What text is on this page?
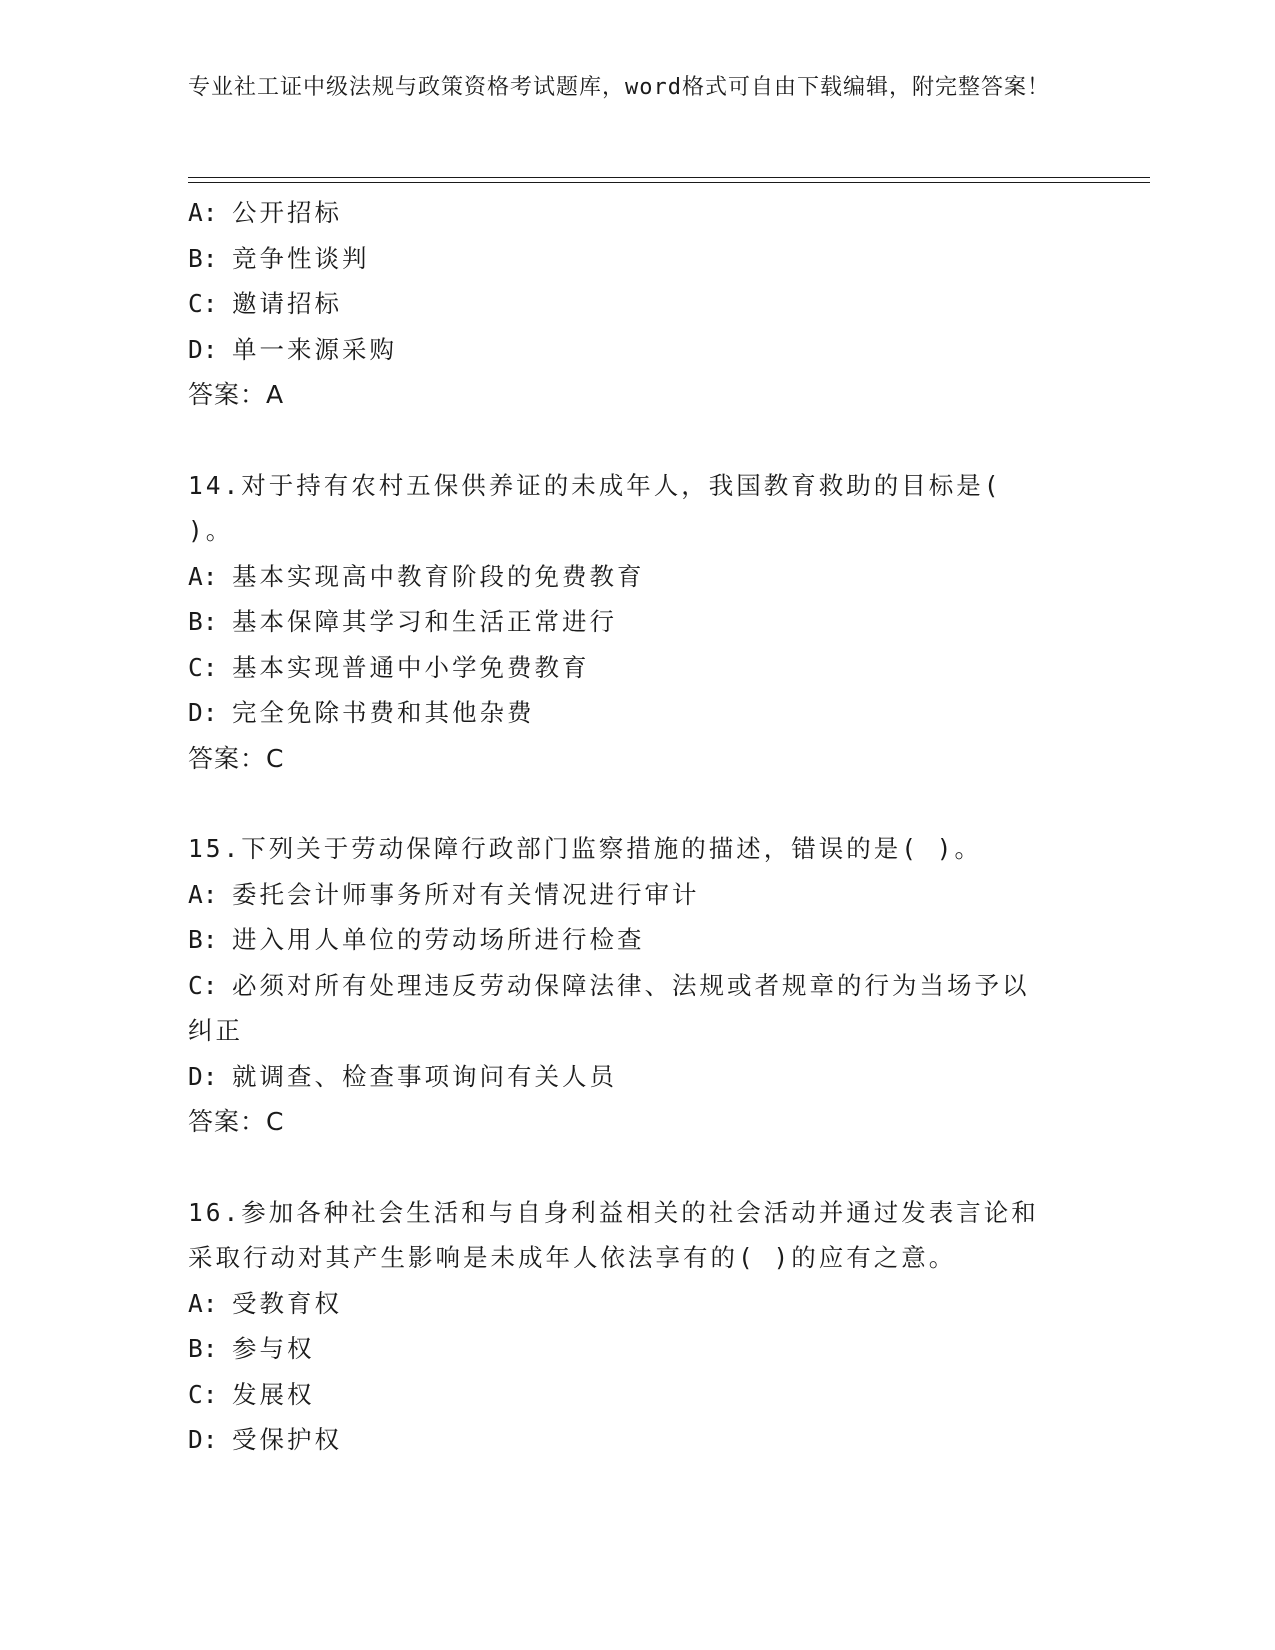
专业社工证中级法规与政策资格考试题库，word格式可自由下载编辑，附完整答案！
A: 公开招标
B: 竞争性谈判
C: 邀请招标
D: 单一来源采购
答案：A
14.对于持有农村五保供养证的未成年人，我国教育救助的目标是( )。
A: 基本实现高中教育阶段的免费教育
B: 基本保障其学习和生活正常进行
C: 基本实现普通中小学免费教育
D: 完全免除书费和其他杂费
答案：C
15.下列关于劳动保障行政部门监察措施的描述，错误的是( )。
A: 委托会计师事务所对有关情况进行审计
B: 进入用人单位的劳动场所进行检查
C: 必须对所有处理违反劳动保障法律、法规或者规章的行为当场予以纠正
D: 就调查、检查事项询问有关人员
答案：C
16.参加各种社会生活和与自身利益相关的社会活动并通过发表言论和采取行动对其产生影响是未成年人依法享有的( )的应有之意。
A: 受教育权
B: 参与权
C: 发展权
D: 受保护权
